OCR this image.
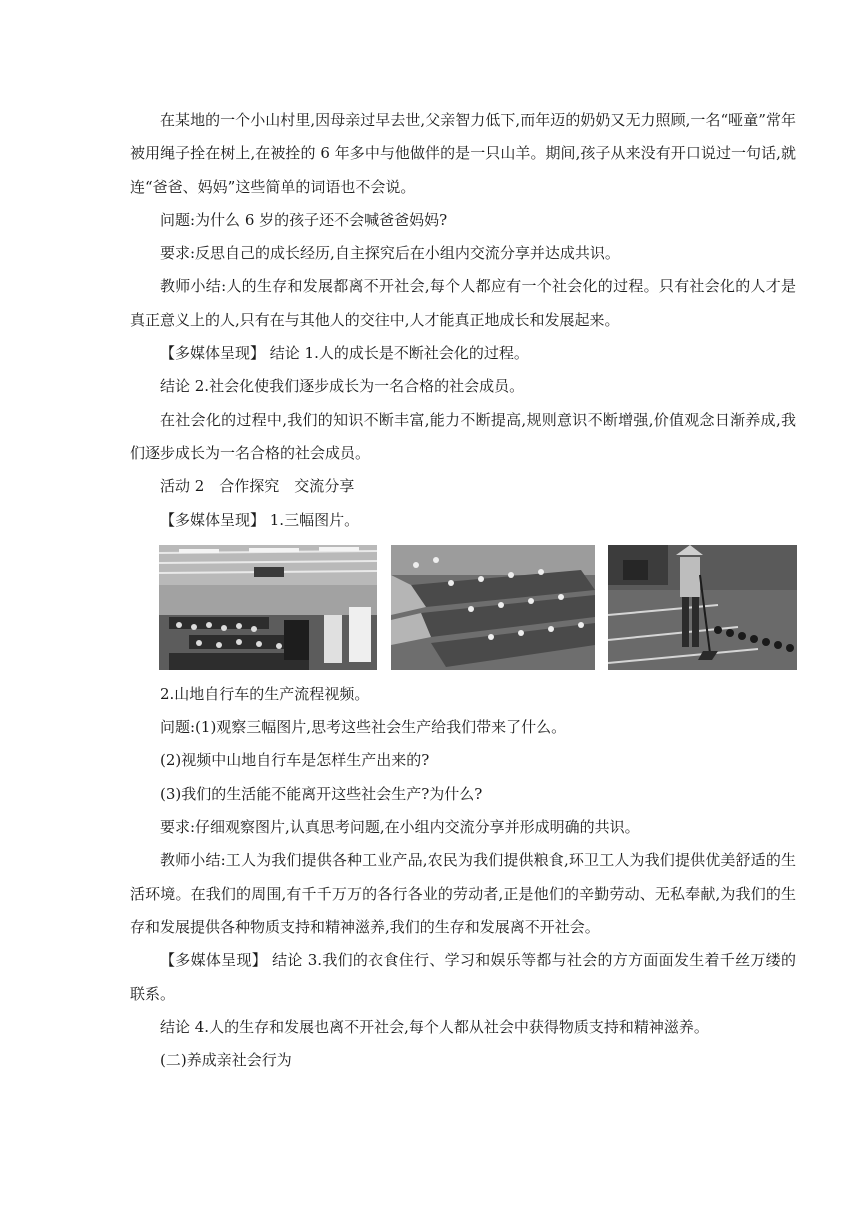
在某地的一个小山村里,因母亲过早去世,父亲智力低下,而年迈的奶奶又无力照顾,一名“哑童”常年被用绳子拴在树上,在被拴的 6 年多中与他做伴的是一只山羊。期间,孩子从来没有开口说过一句话,就连“爸爸、妈妈”这些简单的词语也不会说。

问题:为什么 6 岁的孩子还不会喊爸爸妈妈?

要求:反思自己的成长经历,自主探究后在小组内交流分享并达成共识。

教师小结:人的生存和发展都离不开社会,每个人都应有一个社会化的过程。只有社会化的人才是真正意义上的人,只有在与其他人的交往中,人才能真正地成长和发展起来。

【多媒体呈现】 结论 1.人的成长是不断社会化的过程。

结论 2.社会化使我们逐步成长为一名合格的社会成员。

在社会化的过程中,我们的知识不断丰富,能力不断提高,规则意识不断增强,价值观念日渐养成,我们逐步成长为一名合格的社会成员。

活动 2　合作探究　交流分享

【多媒体呈现】 1.三幅图片。

2.山地自行车的生产流程视频。

问题:(1)观察三幅图片,思考这些社会生产给我们带来了什么。

(2)视频中山地自行车是怎样生产出来的?

(3)我们的生活能不能离开这些社会生产?为什么?

要求:仔细观察图片,认真思考问题,在小组内交流分享并形成明确的共识。

教师小结:工人为我们提供各种工业产品,农民为我们提供粮食,环卫工人为我们提供优美舒适的生活环境。在我们的周围,有千千万万的各行各业的劳动者,正是他们的辛勤劳动、无私奉献,为我们的生存和发展提供各种物质支持和精神滋养,我们的生存和发展离不开社会。

【多媒体呈现】 结论 3.我们的衣食住行、学习和娱乐等都与社会的方方面面发生着千丝万缕的联系。

结论 4.人的生存和发展也离不开社会,每个人都从社会中获得物质支持和精神滋养。

(二)养成亲社会行为
